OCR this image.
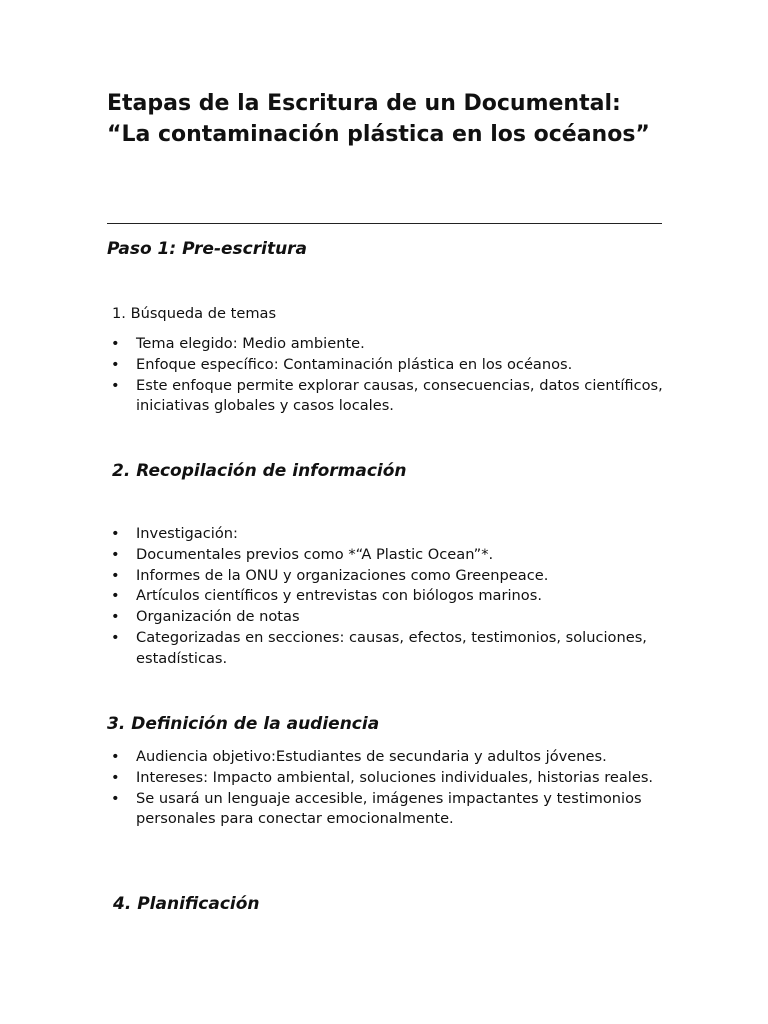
Etapas de la Escritura de un Documental: “La contaminación plástica en los océanos”
Paso 1: Pre-escritura

1. Búsqueda de temas

• Tema elegido: Medio ambiente.
• Enfoque específico: Contaminación plástica en los océanos.
• Este enfoque permite explorar causas, consecuencias, datos científicos, iniciativas globales y casos locales.
2. Recopilación de información
• Investigación:
• Documentales previos como *“A Plastic Ocean”*.
• Informes de la ONU y organizaciones como Greenpeace.
• Artículos científicos y entrevistas con biólogos marinos.
• Organización de notas
• Categorizadas en secciones: causas, efectos, testimonios, soluciones, estadísticas.
3. Definición de la audiencia
• Audiencia objetivo:Estudiantes de secundaria y adultos jóvenes.
• Intereses: Impacto ambiental, soluciones individuales, historias reales.
• Se usará un lenguaje accesible, imágenes impactantes y testimonios personales para conectar emocionalmente.
4. Planificación
